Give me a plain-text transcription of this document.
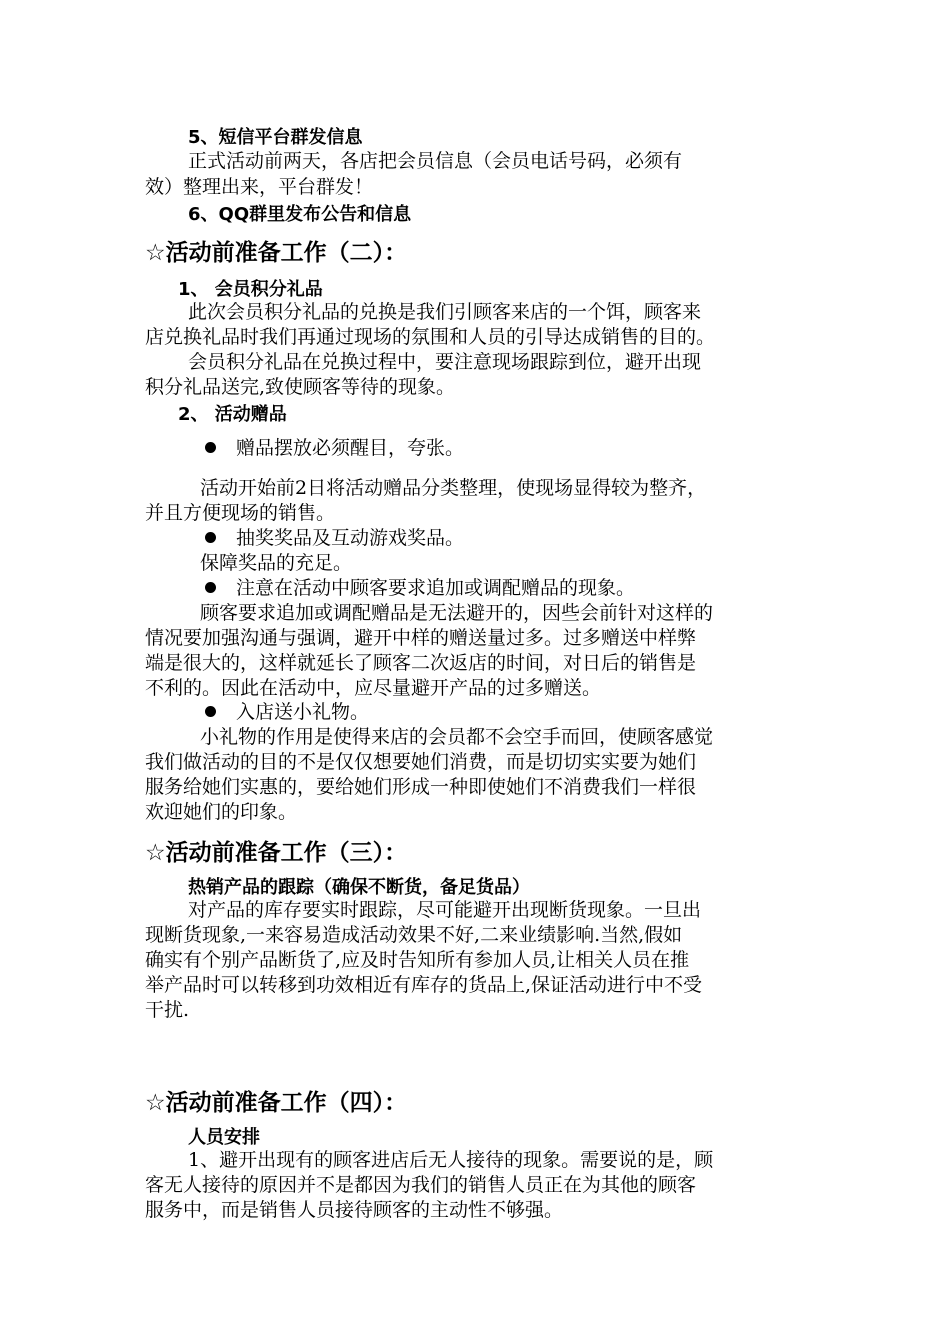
5、短信平台群发信息
正式活动前两天，各店把会员信息（会员电话号码，必须有
效）整理出来，平台群发！
6、QQ群里发布公告和信息
☆活动前准备工作（二）：
1、 会员积分礼品
此次会员积分礼品的兑换是我们引顾客来店的一个饵，顾客来
店兑换礼品时我们再通过现场的氛围和人员的引导达成销售的目的。
会员积分礼品在兑换过程中，要注意现场跟踪到位，避开出现
积分礼品送完,致使顾客等待的现象。
2、 活动赠品
赠品摆放必须醒目，夸张。
活动开始前2日将活动赠品分类整理，使现场显得较为整齐，
并且方便现场的销售。
抽奖奖品及互动游戏奖品。
保障奖品的充足。
注意在活动中顾客要求追加或调配赠品的现象。
顾客要求追加或调配赠品是无法避开的，因些会前针对这样的
情况要加强沟通与强调，避开中样的赠送量过多。过多赠送中样弊
端是很大的，这样就延长了顾客二次返店的时间，对日后的销售是
不利的。因此在活动中，应尽量避开产品的过多赠送。
入店送小礼物。
小礼物的作用是使得来店的会员都不会空手而回，使顾客感觉
我们做活动的目的不是仅仅想要她们消费，而是切切实实要为她们
服务给她们实惠的，要给她们形成一种即使她们不消费我们一样很
欢迎她们的印象。
☆活动前准备工作（三）：
热销产品的跟踪（确保不断货，备足货品）
对产品的库存要实时跟踪，尽可能避开出现断货现象。一旦出
现断货现象,一来容易造成活动效果不好,二来业绩影响.当然,假如
确实有个别产品断货了,应及时告知所有参加人员,让相关人员在推
举产品时可以转移到功效相近有库存的货品上,保证活动进行中不受
干扰.
☆活动前准备工作（四）：
人员安排
1、避开出现有的顾客进店后无人接待的现象。需要说的是，顾
客无人接待的原因并不是都因为我们的销售人员正在为其他的顾客
服务中，而是销售人员接待顾客的主动性不够强。
